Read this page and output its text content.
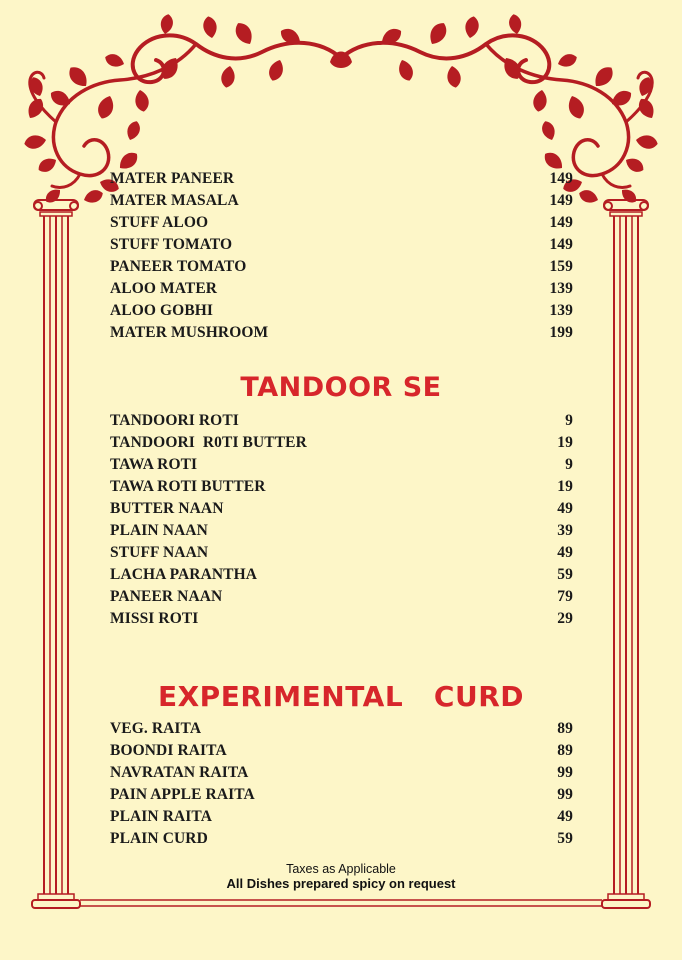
MATER PANEER	149
MATER MASALA	149
STUFF ALOO	149
STUFF TOMATO	149
PANEER TOMATO	159
ALOO MATER	139
ALOO GOBHI	139
MATER MUSHROOM	199
TANDOOR SE
TANDOORI ROTI	9
TANDOORI  R0TI BUTTER	19
TAWA ROTI	9
TAWA ROTI BUTTER	19
BUTTER NAAN	49
PLAIN NAAN	39
STUFF NAAN	49
LACHA PARANTHA	59
PANEER NAAN	79
MISSI ROTI	29
EXPERIMENTAL   CURD
VEG. RAITA	89
BOONDI RAITA	89
NAVRATAN RAITA	99
PAIN APPLE RAITA	99
PLAIN RAITA	49
PLAIN CURD	59
Taxes as Applicable
All Dishes prepared spicy on request
